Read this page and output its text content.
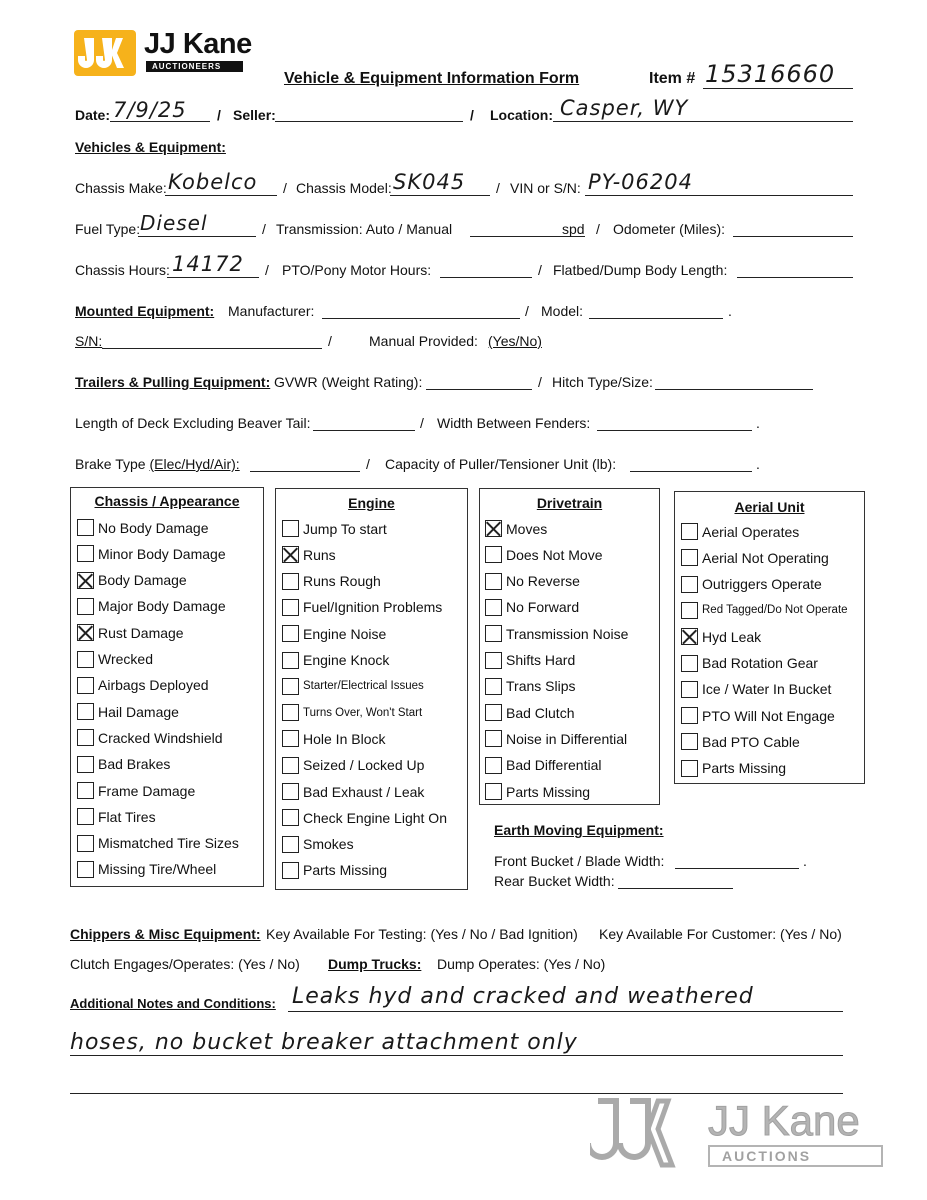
JJ Kane
AUCTIONEERS
Vehicle & Equipment Information Form	Item # 15316660
Date: 7/9/25 / Seller:	/ Location: Casper, WY
Vehicles & Equipment:
Chassis Make: Kobelco / Chassis Model: SK045 / VIN or S/N: PY-06204
Fuel Type: Diesel	/ Transmission: Auto / Manual	spd / Odometer (Miles):
Chassis Hours: 14172 / PTO/Pony Motor Hours:	/ Flatbed/Dump Body Length:
Mounted Equipment: Manufacturer:	/ Model:	.
S/N:	/	Manual Provided: (Yes/No)
Trailers & Pulling Equipment: GVWR (Weight Rating):	/ Hitch Type/Size:
Length of Deck Excluding Beaver Tail:	/ Width Between Fenders:	.
Brake Type (Elec/Hyd/Air):	/ Capacity of Puller/Tensioner Unit (lb):	.
Chassis / Appearance
No Body Damage
Minor Body Damage
Body Damage
Major Body Damage
Rust Damage
Wrecked
Airbags Deployed
Hail Damage
Cracked Windshield
Bad Brakes
Frame Damage
Flat Tires
Mismatched Tire Sizes
Missing Tire/Wheel
Engine
Jump To start
Runs
Runs Rough
Fuel/Ignition Problems
Engine Noise
Engine Knock
Starter/Electrical Issues
Turns Over, Won't Start
Hole In Block
Seized / Locked Up
Bad Exhaust / Leak
Check Engine Light On
Smokes
Parts Missing
Drivetrain
Moves
Does Not Move
No Reverse
No Forward
Transmission Noise
Shifts Hard
Trans Slips
Bad Clutch
Noise in Differential
Bad Differential
Parts Missing
Aerial Unit
Aerial Operates
Aerial Not Operating
Outriggers Operate
Red Tagged/Do Not Operate
Hyd Leak
Bad Rotation Gear
Ice / Water In Bucket
PTO Will Not Engage
Bad PTO Cable
Parts Missing
Earth Moving Equipment:
Front Bucket / Blade Width:	.
Rear Bucket Width:
Chippers & Misc Equipment: Key Available For Testing: (Yes / No / Bad Ignition) Key Available For Customer: (Yes / No)
Clutch Engages/Operates: (Yes / No) Dump Trucks: Dump Operates: (Yes / No)
Additional Notes and Conditions: Leaks hyd and cracked and weathered
hoses, no bucket breaker attachment only
JJ Kane
AUCTIONS
